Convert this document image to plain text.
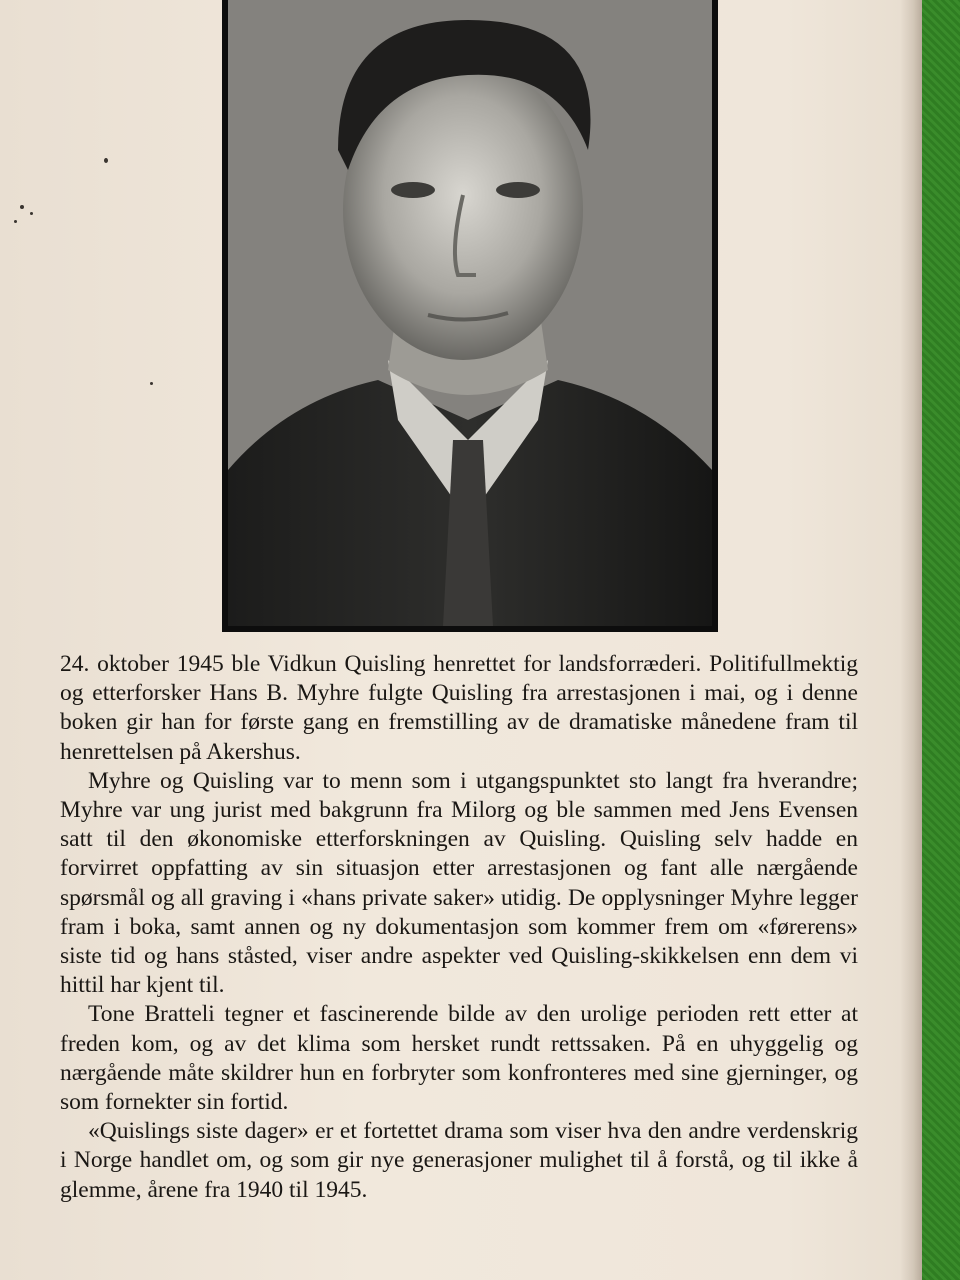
24. oktober 1945 ble Vidkun Quisling henrettet for landsforræderi. Politifullmektig og etterforsker Hans B. Myhre fulgte Quisling fra arrestasjonen i mai, og i denne boken gir han for første gang en fremstilling av de dramatiske månedene fram til henrettelsen på Akershus.

Myhre og Quisling var to menn som i utgangspunktet sto langt fra hverandre; Myhre var ung jurist med bakgrunn fra Milorg og ble sammen med Jens Evensen satt til den økonomiske etterforskningen av Quisling. Quisling selv hadde en forvirret oppfatting av sin situasjon etter arrestasjonen og fant alle nærgående spørsmål og all graving i «hans private saker» utidig. De opplysninger Myhre legger fram i boka, samt annen og ny dokumentasjon som kommer frem om «førerens» siste tid og hans ståsted, viser andre aspekter ved Quisling-skikkelsen enn dem vi hittil har kjent til.

Tone Bratteli tegner et fascinerende bilde av den urolige perioden rett etter at freden kom, og av det klima som hersket rundt rettssaken. På en uhyggelig og nærgående måte skildrer hun en forbryter som konfronteres med sine gjerninger, og som fornekter sin fortid.

«Quislings siste dager» er et fortettet drama som viser hva den andre verdenskrig i Norge handlet om, og som gir nye generasjoner mulighet til å forstå, og til ikke å glemme, årene fra 1940 til 1945.
